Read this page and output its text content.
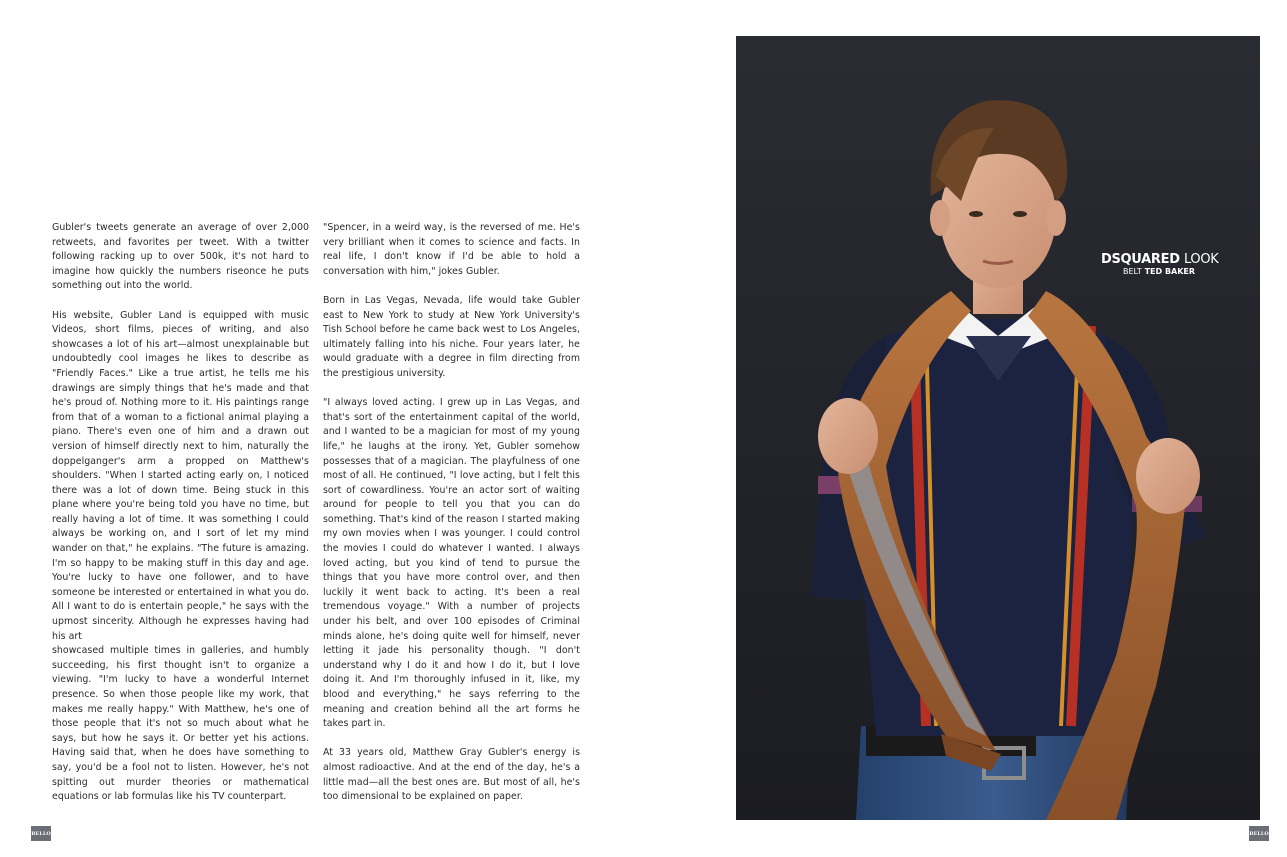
Gubler's tweets generate an average of over 2,000 retweets, and favorites per tweet. With a twitter following racking up to over 500k, it's not hard to imagine how quickly the numbers riseonce he puts something out into the world.

His website, Gubler Land is equipped with music Videos, short films, pieces of writing, and also showcases a lot of his art—almost unexplainable but undoubtedly cool images he likes to describe as "Friendly Faces." Like a true artist, he tells me his drawings are simply things that he's made and that he's proud of. Nothing more to it. His paintings range from that of a woman to a fictional animal playing a piano. There's even one of him and a drawn out version of himself directly next to him, naturally the doppelganger's arm a propped on Matthew's shoulders. "When I started acting early on, I noticed there was a lot of down time. Being stuck in this plane where you're being told you have no time, but really having a lot of time. It was something I could always be working on, and I sort of let my mind wander on that," he explains. "The future is amazing. I'm so happy to be making stuff in this day and age. You're lucky to have one follower, and to have someone be interested or entertained in what you do. All I want to do is entertain people," he says with the upmost sincerity. Although he expresses having had his art

showcased multiple times in galleries, and humbly succeeding, his first thought isn't to organize a viewing. "I'm lucky to have a wonderful Internet presence. So when those people like my work, that makes me really happy." With Matthew, he's one of those people that it's not so much about what he says, but how he says it. Or better yet his actions. Having said that, when he does have something to say, you'd be a fool not to listen. However, he's not spitting out murder theories or mathematical equations or lab formulas like his TV counterpart.

"Spencer, in a weird way, is the reversed of me. He's very brilliant when it comes to science and facts. In real life, I don't know if I'd be able to hold a conversation with him," jokes Gubler.

Born in Las Vegas, Nevada, life would take Gubler east to New York to study at New York University's Tish School before he came back west to Los Angeles, ultimately falling into his niche. Four years later, he would graduate with a degree in film directing from the prestigious university.

"I always loved acting. I grew up in Las Vegas, and that's sort of the entertainment capital of the world, and I wanted to be a magician for most of my young life," he laughs at the irony. Yet, Gubler somehow possesses that of a magician. The playfulness of one most of all. He continued, "I love acting, but I felt this sort of cowardliness. You're an actor sort of waiting around for people to tell you that you can do something. That's kind of the reason I started making my own movies when I was younger. I could control the movies I could do whatever I wanted. I always loved acting, but you kind of tend to pursue the things that you have more control over, and then luckily it went back to acting. It's been a real tremendous voyage." With a number of projects under his belt, and over 100 episodes of Criminal minds alone, he's doing quite well for himself, never letting it jade his personality though. "I don't understand why I do it and how I do it, but I love doing it. And I'm thoroughly infused in it, like, my blood and everything," he says referring to the meaning and creation behind all the art forms he takes part in.

At 33 years old, Matthew Gray Gubler's energy is almost radioactive. And at the end of the day, he's a little mad—all the best ones are. But most of all, he's too dimensional to be explained on paper.

DSQUARED LOOK
BELT TED BAKER
BELLO	BELLO
